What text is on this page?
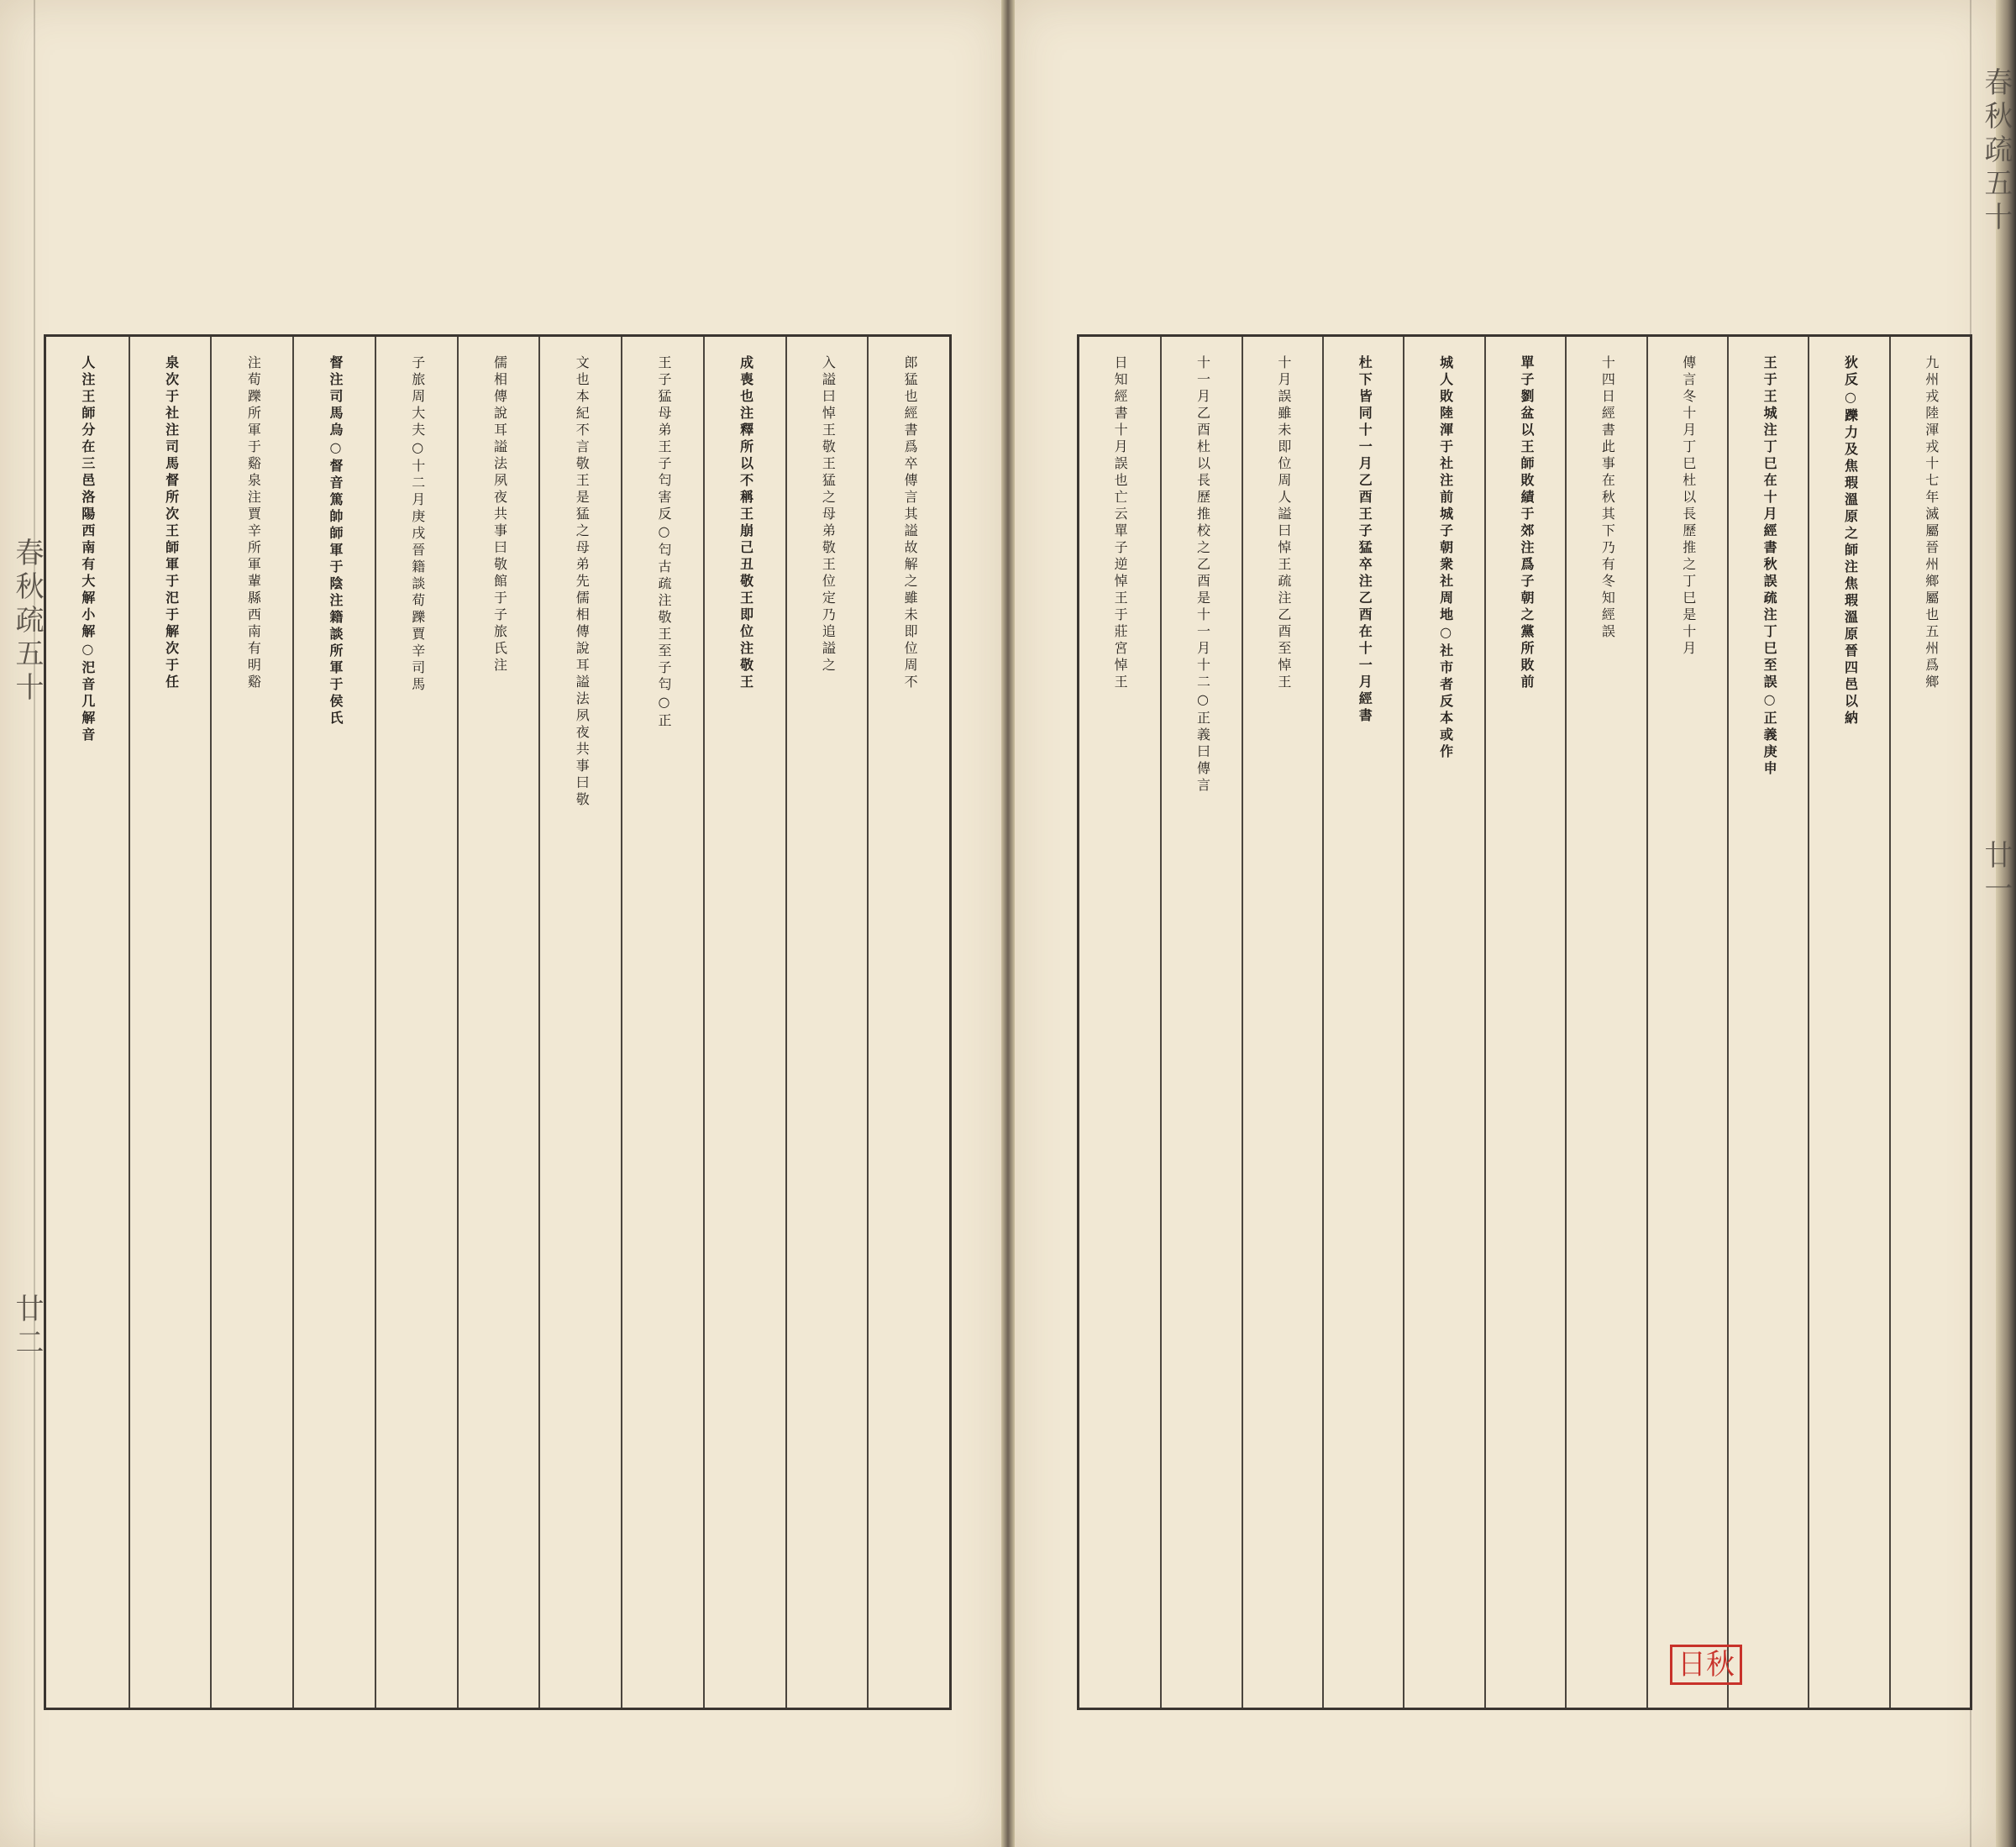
春秋疏五十
廿二
春秋疏五十
廿一
郎猛也經書爲卒傳言其謚故解之雖未即位周不
入謚曰悼王敬王猛之母弟敬王位定乃追謚之
成喪也注釋所以不稱王崩己丑敬王即位注敬王
王子猛母弟王子匄害反○匄古疏注敬王至子匄○正
文也本紀不言敬王是猛之母弟先儒相傳說耳謚法夙夜共事曰敬
儒相傳說耳謚法夙夜共事曰敬館于子旅氏注
子旅周大夫○十二月庚戌晉籍談荀躒賈辛司馬
督注司馬烏○督音篤帥師軍于陰注籍談所軍于侯氏
注荀躒所軍于谿泉注賈辛所軍輩縣西南有明谿
泉次于社注司馬督所次王師軍于汜于解次于任
人注王師分在三邑洛陽西南有大解小解○汜音几解音	九州戎陸渾戎十七年滅屬晉州鄉屬也五州爲鄉
狄反○躒力及焦瑕溫原之師注焦瑕溫原晉四邑以納
王于王城注丁巳在十月經書秋誤疏注丁巳至誤○正義庚申
傳言冬十月丁巳杜以長歷推之丁巳是十月
十四日經書此事在秋其下乃有冬知經誤
單子劉盆以王師敗績于郊注爲子朝之黨所敗前
城人敗陸渾于社注前城子朝衆社周地○社市者反本或作
杜下皆同十一月乙酉王子猛卒注乙酉在十一月經書
十月誤雖未即位周人謚曰悼王疏注乙酉至悼王
十一月乙酉杜以長歷推校之乙酉是十一月十二○正義曰傳言
日知經書十月誤也亡云單子逆悼王于莊宮悼王
日秋
